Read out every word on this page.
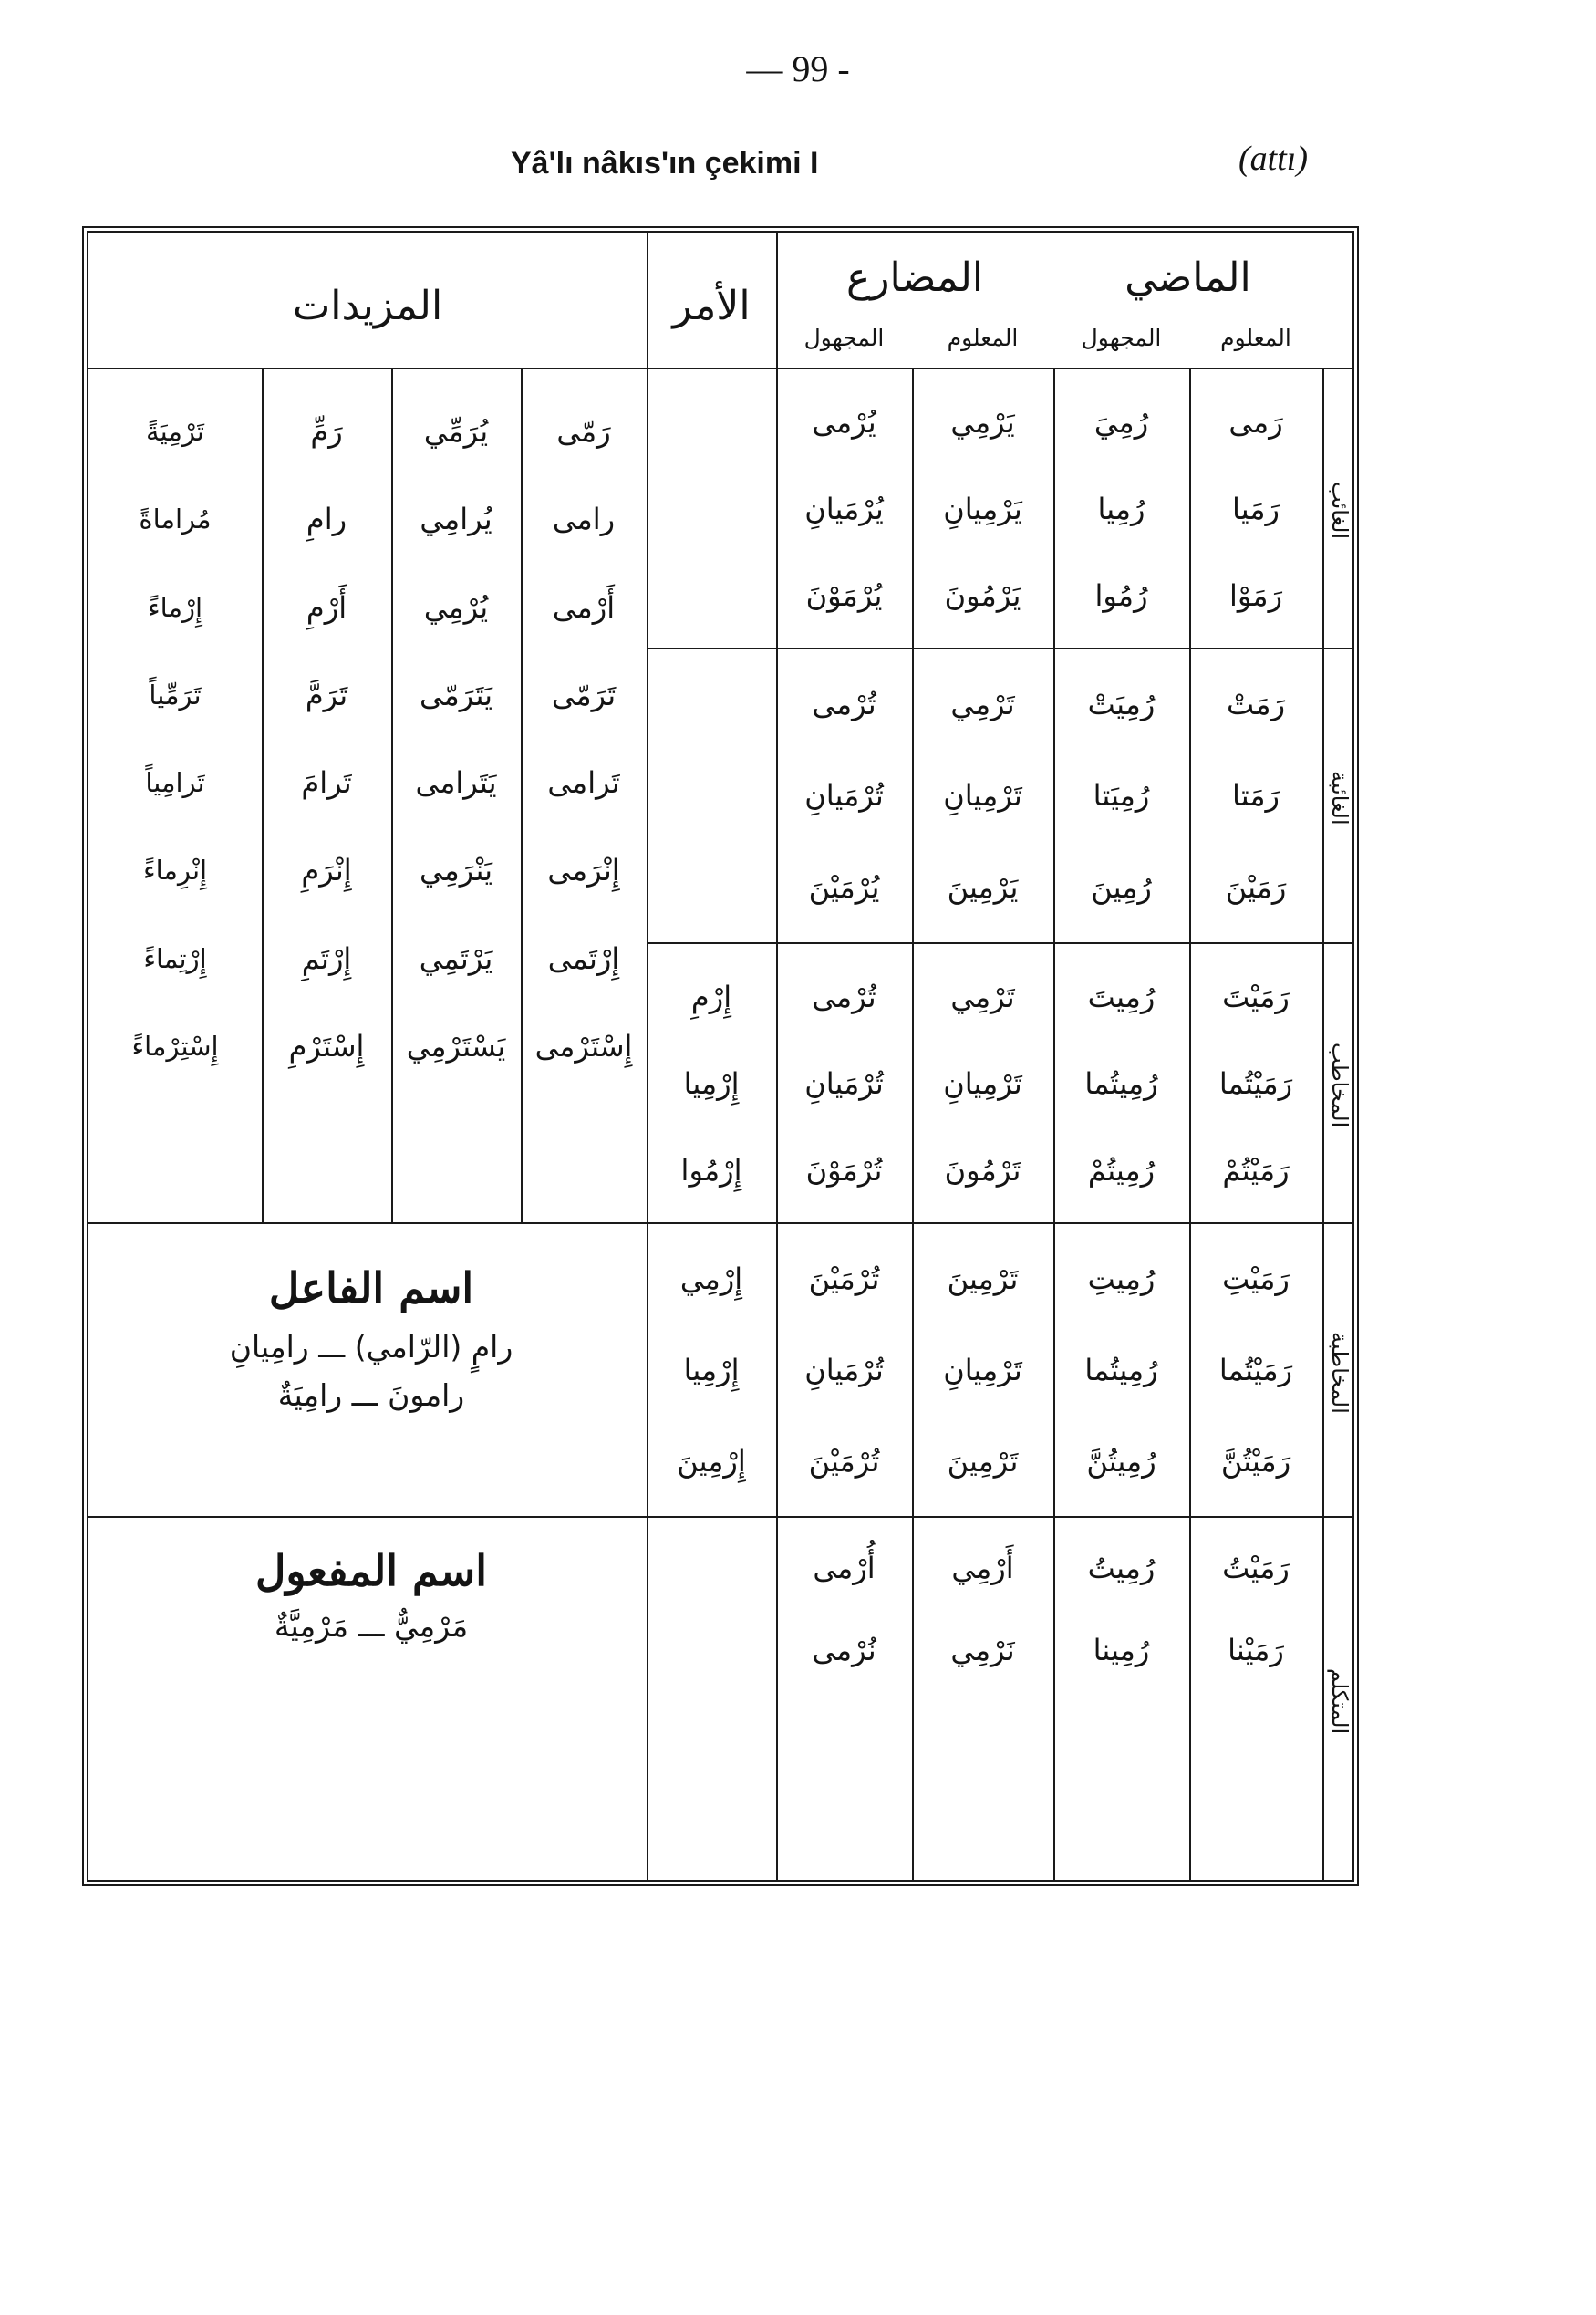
— 99 -
Yâ'lı nâkıs'ın çekimi I	(attı)
الماضي
المعلوم
المجهول
المضارع
المعلوم
المجهول
الأمر
المزيدات
الغائب
الغائبة
المخاطب
المخاطبة
المتكلم
رَمى
رَمَيا
رَمَوْا
رَمَتْ
رَمَتا
رَمَيْنَ
رَمَيْتَ
رَمَيْتُما
رَمَيْتُمْ
رَمَيْتِ
رَمَيْتُما
رَمَيْتُنَّ
رَمَيْتُ
رَمَيْنا
رُمِيَ
رُمِيا
رُمُوا
رُمِيَتْ
رُمِيَتا
رُمِينَ
رُمِيتَ
رُمِيتُما
رُمِيتُمْ
رُمِيتِ
رُمِيتُما
رُمِيتُنَّ
رُمِيتُ
رُمِينا
يَرْمِي
يَرْمِيانِ
يَرْمُونَ
تَرْمِي
تَرْمِيانِ
يَرْمِينَ
تَرْمِي
تَرْمِيانِ
تَرْمُونَ
تَرْمِينَ
تَرْمِيانِ
تَرْمِينَ
أَرْمِي
نَرْمِي
يُرْمى
يُرْمَيانِ
يُرْمَوْنَ
تُرْمى
تُرْمَيانِ
يُرْمَيْنَ
تُرْمى
تُرْمَيانِ
تُرْمَوْنَ
تُرْمَيْنَ
تُرْمَيانِ
تُرْمَيْنَ
أُرْمى
نُرْمى
إِرْمِ
إِرْمِيا
إِرْمُوا
إِرْمِي
إِرْمِيا
إِرْمِينَ
رَمّى
رامى
أَرْمى
تَرَمّى
تَرامى
إِنْرَمى
إِرْتَمى
إِسْتَرْمى
يُرَمِّي
يُرامِي
يُرْمِي
يَتَرَمّى
يَتَرامى
يَنْرَمِي
يَرْتَمِي
يَسْتَرْمِي
رَمِّ
رامِ
أَرْمِ
تَرَمَّ
تَرامَ
إِنْرَمِ
إِرْتَمِ
إِسْتَرْمِ
تَرْمِيَةً
مُراماةً
إِرْماءً
تَرَمِّياً
تَرامِياً
إِنْرِماءً
إِرْتِماءً
إِسْتِرْماءً
اسم الفاعل
رامٍ (الرّامي) ـــ رامِيانِ
رامونَ ـــ رامِيَةٌ
اسم المفعول
مَرْمِيٌّ ـــ مَرْمِيَّةٌ
